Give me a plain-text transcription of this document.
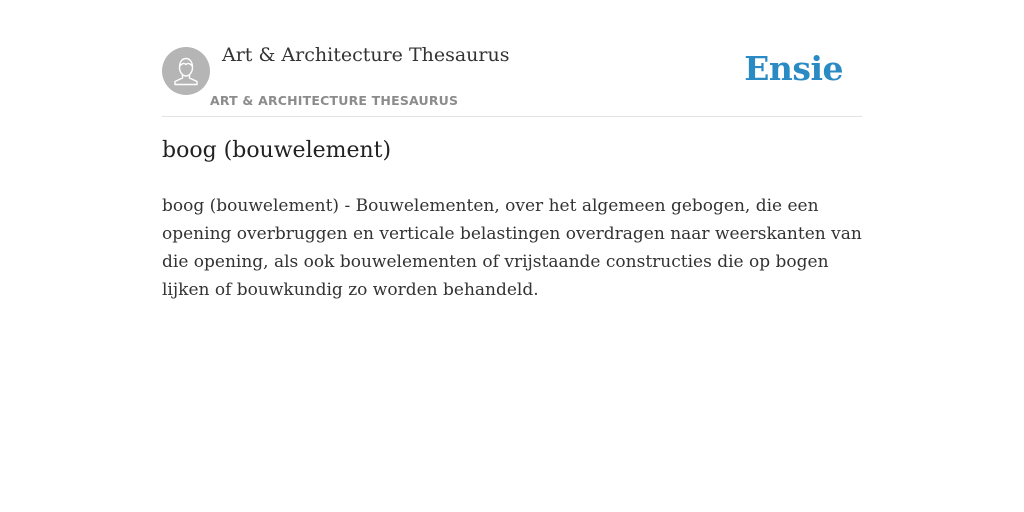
Art & Architecture Thesaurus
ART & ARCHITECTURE THESAURUS
Ensie
boog (bouwelement)

boog (bouwelement) - Bouwelementen, over het algemeen gebogen, die een opening overbruggen en verticale belastingen overdragen naar weerskanten van die opening, als ook bouwelementen of vrijstaande constructies die op bogen lijken of bouwkundig zo worden behandeld.
